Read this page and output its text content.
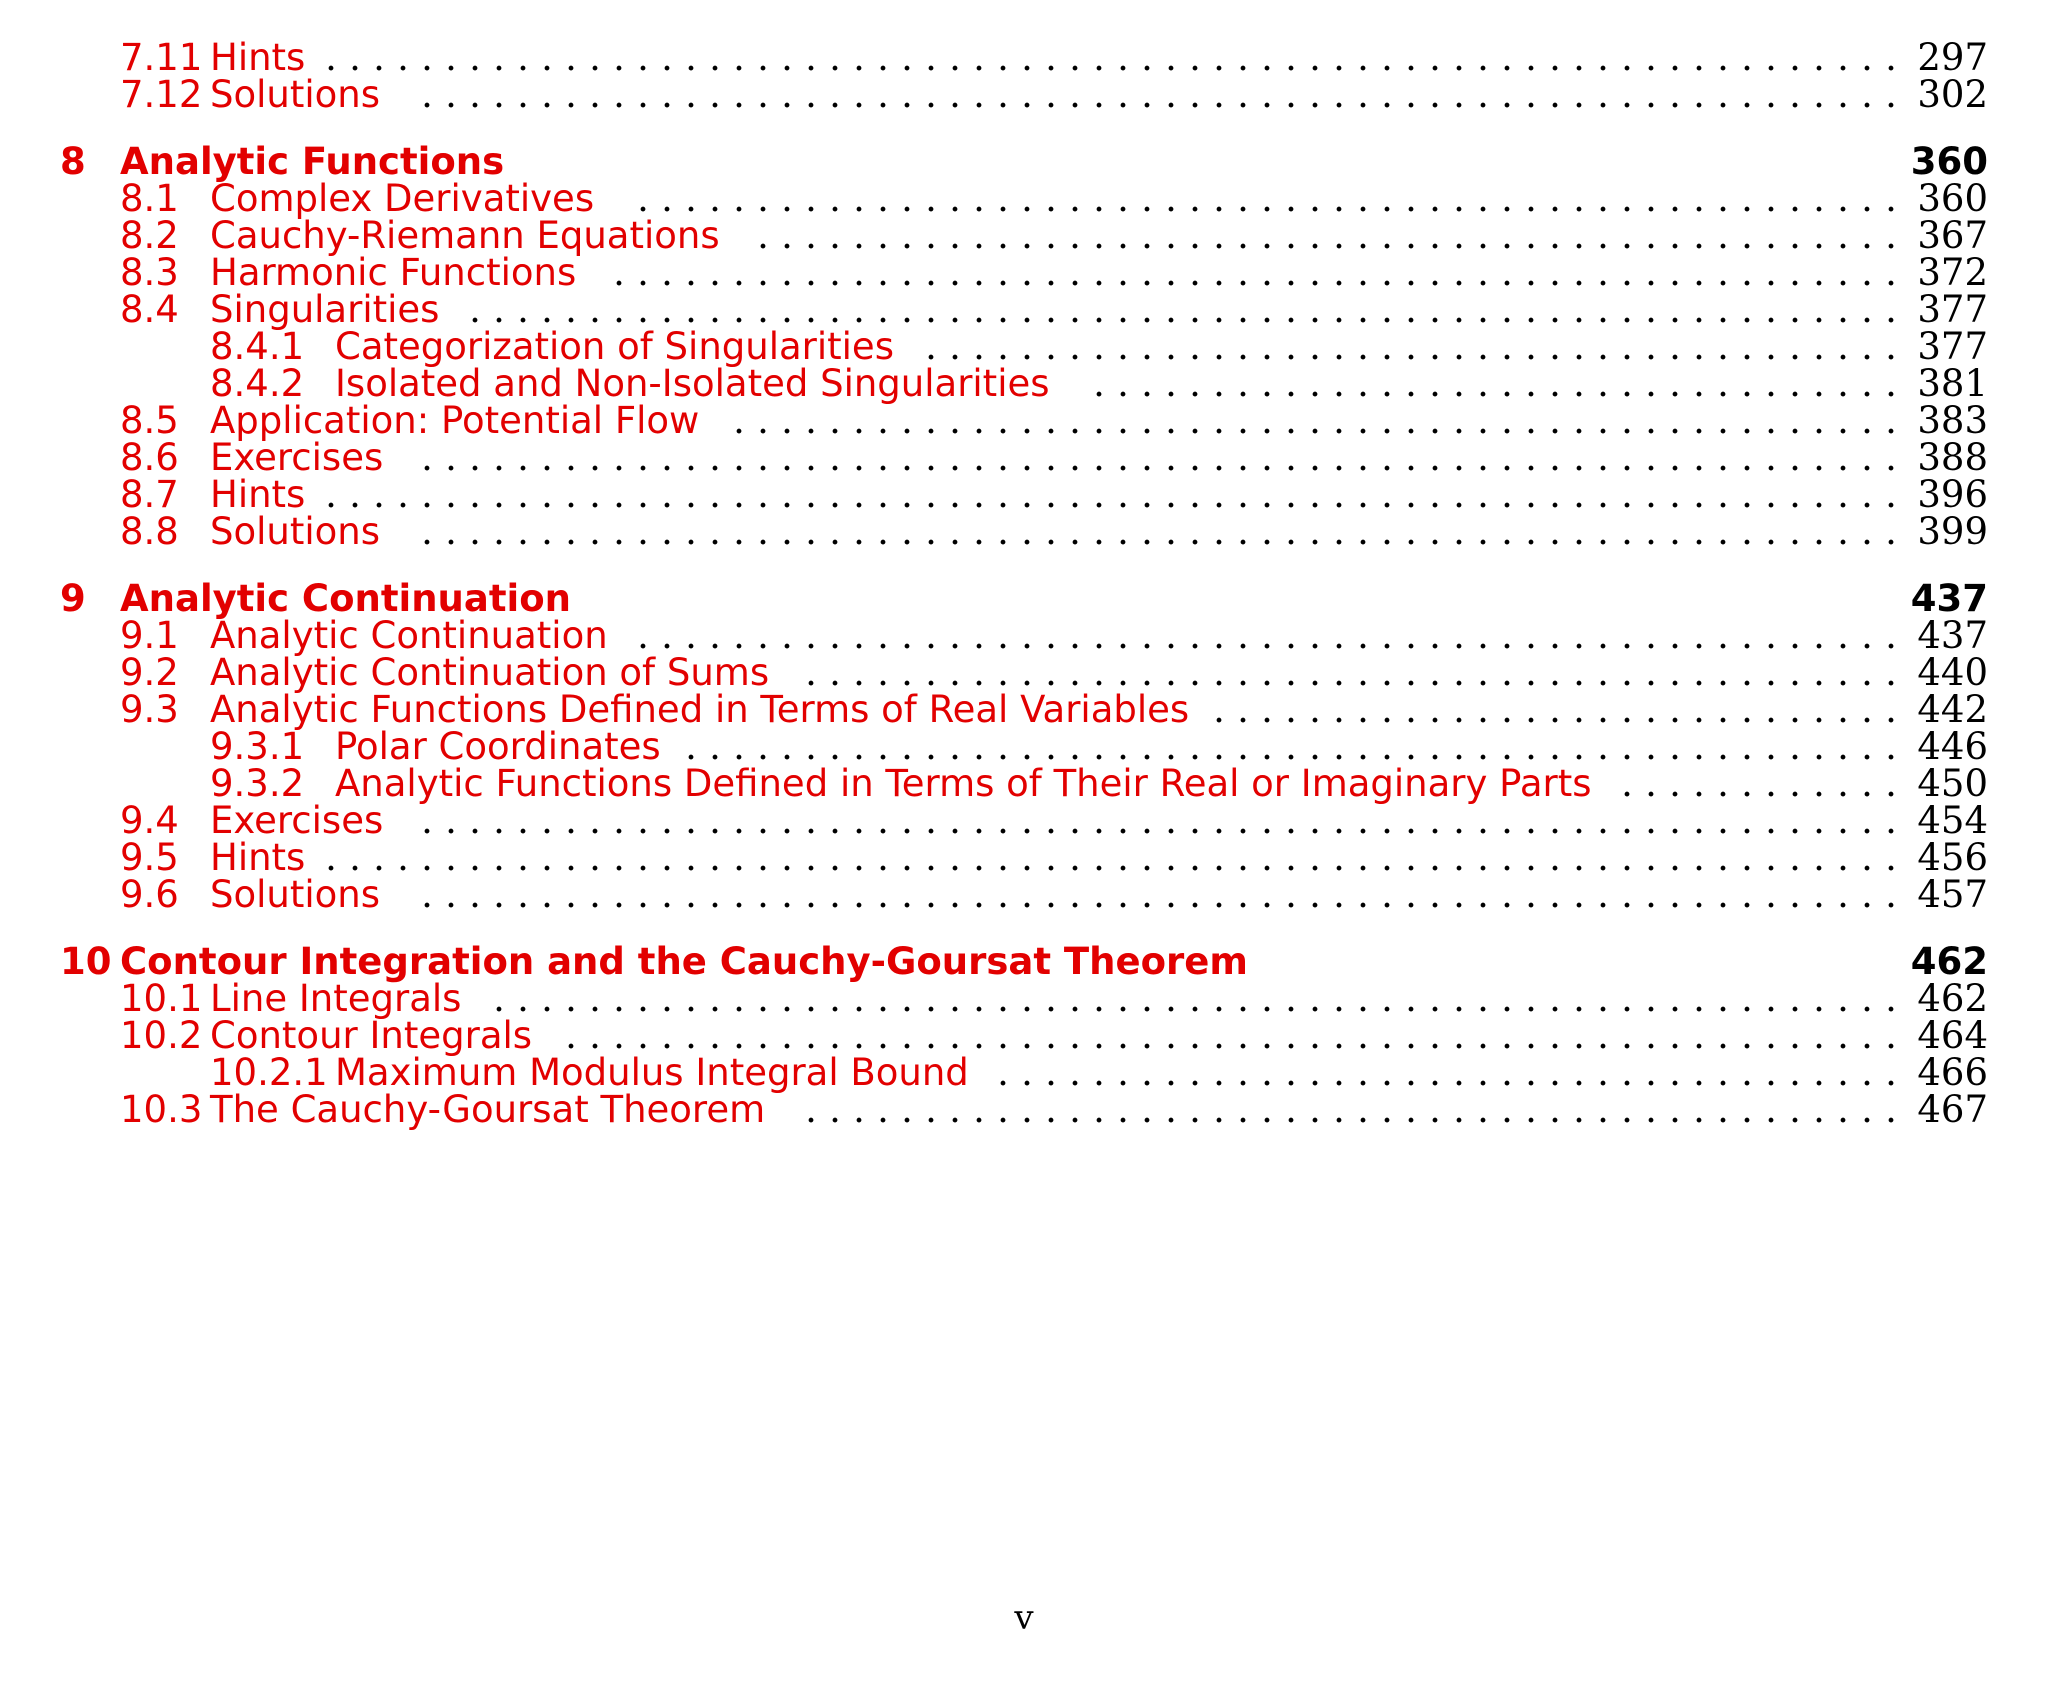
7.11 Hints	297
. . . . . . . . . . . . . . . . . . . . . . . . . . . . . . . . . . . . . . . . . . . . . . . . . . . . . . . . . . . . . . . . . .
7.12 Solutions	302
. . . . . . . . . . . . . . . . . . . . . . . . . . . . . . . . . . . . . . . . . . . . . . . . . . . . . . . . . . . . . .
8 Analytic Functions	360
8.1 Complex Derivatives	360
. . . . . . . . . . . . . . . . . . . . . . . . . . . . . . . . . . . . . . . . . . . . . . . . . . . . .
8.2 Cauchy-Riemann Equations	367
. . . . . . . . . . . . . . . . . . . . . . . . . . . . . . . . . . . . . . . . . . . . . . . .
8.3 Harmonic Functions	372
. . . . . . . . . . . . . . . . . . . . . . . . . . . . . . . . . . . . . . . . . . . . . . . . . . . . . .
8.4 Singularities	377
. . . . . . . . . . . . . . . . . . . . . . . . . . . . . . . . . . . . . . . . . . . . . . . . . . . . . . . . . . . .
8.4.1 Categorization of Singularities	377
. . . . . . . . . . . . . . . . . . . . . . . . . . . . . . . . . . . . . . . . .
8.4.2 Isolated and Non-Isolated Singularities	381
. . . . . . . . . . . . . . . . . . . . . . . . . . . . . . . . . .
8.5 Application: Potential Flow	383
. . . . . . . . . . . . . . . . . . . . . . . . . . . . . . . . . . . . . . . . . . . . . . . . .
8.6 Exercises	388
. . . . . . . . . . . . . . . . . . . . . . . . . . . . . . . . . . . . . . . . . . . . . . . . . . . . . . . . . . . . . .
8.7 Hints	396
. . . . . . . . . . . . . . . . . . . . . . . . . . . . . . . . . . . . . . . . . . . . . . . . . . . . . . . . . . . . . . . . . .
8.8 Solutions	399
. . . . . . . . . . . . . . . . . . . . . . . . . . . . . . . . . . . . . . . . . . . . . . . . . . . . . . . . . . . . . .
9 Analytic Continuation	437
9.1 Analytic Continuation	437
. . . . . . . . . . . . . . . . . . . . . . . . . . . . . . . . . . . . . . . . . . . . . . . . . . . . .
9.2 Analytic Continuation of Sums	440
. . . . . . . . . . . . . . . . . . . . . . . . . . . . . . . . . . . . . . . . . . . . . .
9.3 Analytic Functions Defined in Terms of Real Variables	442
. . . . . . . . . . . . . . . . . . . . . . . . . . . . .
9.3.1 Polar Coordinates	446
. . . . . . . . . . . . . . . . . . . . . . . . . . . . . . . . . . . . . . . . . . . . . . . . . . .
9.3.2 Analytic Functions Defined in Terms of Their Real or Imaginary Parts	450
. . . . . . . . . . . .
9.4 Exercises	454
. . . . . . . . . . . . . . . . . . . . . . . . . . . . . . . . . . . . . . . . . . . . . . . . . . . . . . . . . . . . . .
9.5 Hints	456
. . . . . . . . . . . . . . . . . . . . . . . . . . . . . . . . . . . . . . . . . . . . . . . . . . . . . . . . . . . . . . . . . .
9.6 Solutions	457
. . . . . . . . . . . . . . . . . . . . . . . . . . . . . . . . . . . . . . . . . . . . . . . . . . . . . . . . . . . . . .
10 Contour Integration and the Cauchy-Goursat Theorem	462
10.1 Line Integrals	462
. . . . . . . . . . . . . . . . . . . . . . . . . . . . . . . . . . . . . . . . . . . . . . . . . . . . . . . . . . .
10.2 Contour Integrals	464
. . . . . . . . . . . . . . . . . . . . . . . . . . . . . . . . . . . . . . . . . . . . . . . . . . . . . . . .
10.2.1 Maximum Modulus Integral Bound	466
. . . . . . . . . . . . . . . . . . . . . . . . . . . . . . . . . . . . . .
10.3 The Cauchy-Goursat Theorem	467
. . . . . . . . . . . . . . . . . . . . . . . . . . . . . . . . . . . . . . . . . . . . . .
v
